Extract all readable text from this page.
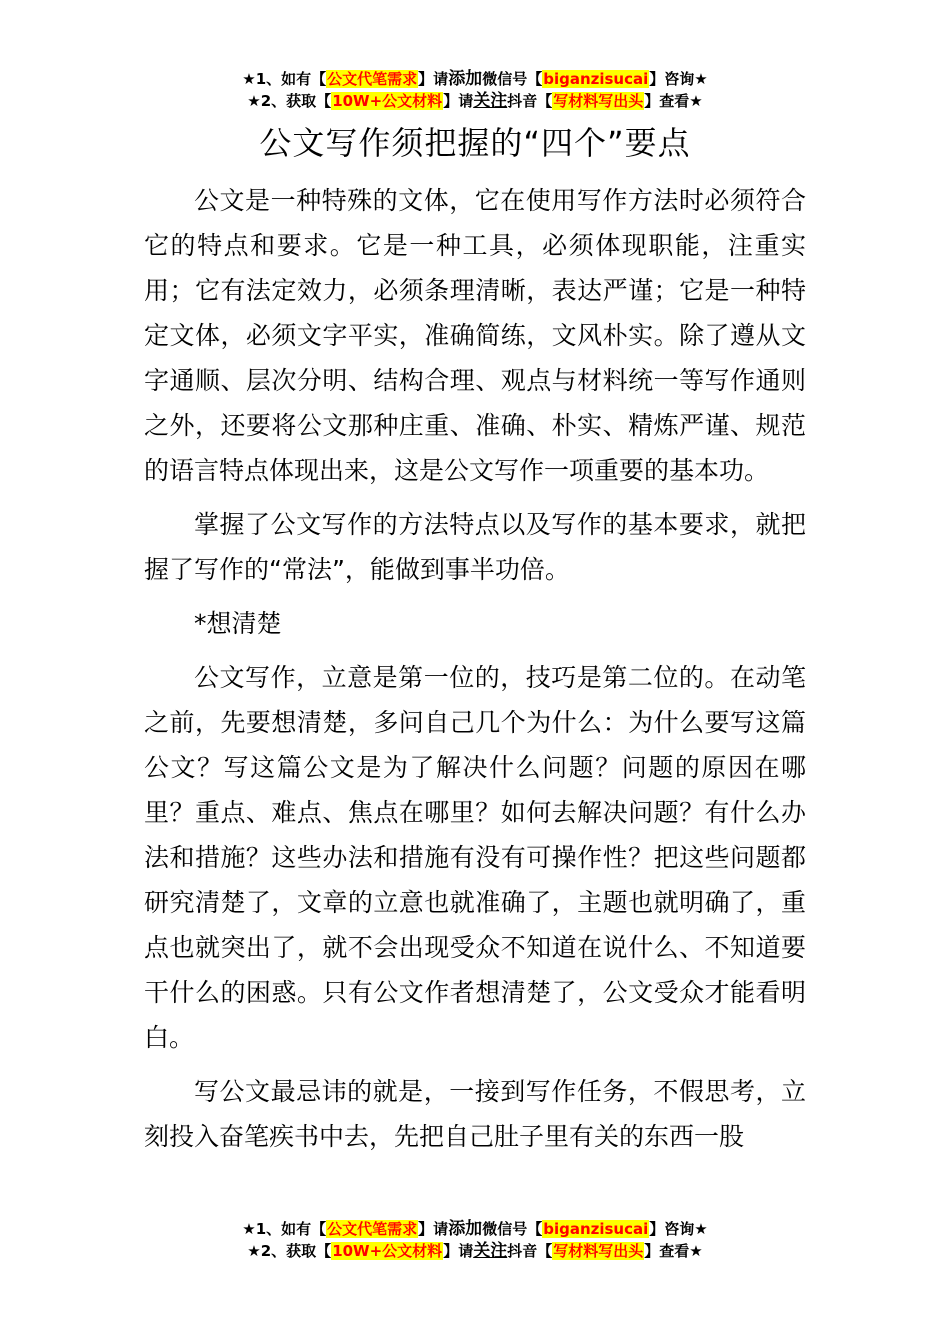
★1、如有【公文代笔需求】请添加微信号【biganzisucai】咨询★
★2、获取【10W+公文材料】请关注抖音【写材料写出头】查看★
公文写作须把握的“四个”要点

公文是一种特殊的文体，它在使用写作方法时必须符合它的特点和要求。它是一种工具，必须体现职能，注重实用；它有法定效力，必须条理清晰，表达严谨；它是一种特定文体，必须文字平实，准确简练，文风朴实。除了遵从文字通顺、层次分明、结构合理、观点与材料统一等写作通则之外，还要将公文那种庄重、准确、朴实、精炼严谨、规范的语言特点体现出来，这是公文写作一项重要的基本功。

掌握了公文写作的方法特点以及写作的基本要求，就把握了写作的“常法”，能做到事半功倍。

*想清楚

公文写作，立意是第一位的，技巧是第二位的。在动笔之前，先要想清楚，多问自己几个为什么：为什么要写这篇公文？写这篇公文是为了解决什么问题？问题的原因在哪里？重点、难点、焦点在哪里？如何去解决问题？有什么办法和措施？这些办法和措施有没有可操作性？把这些问题都研究清楚了，文章的立意也就准确了，主题也就明确了，重点也就突出了，就不会出现受众不知道在说什么、不知道要干什么的困惑。只有公文作者想清楚了，公文受众才能看明白。

写公文最忌讳的就是，一接到写作任务，不假思考，立刻投入奋笔疾书中去，先把自己肚子里有关的东西一股

★1、如有【公文代笔需求】请添加微信号【biganzisucai】咨询★
★2、获取【10W+公文材料】请关注抖音【写材料写出头】查看★
